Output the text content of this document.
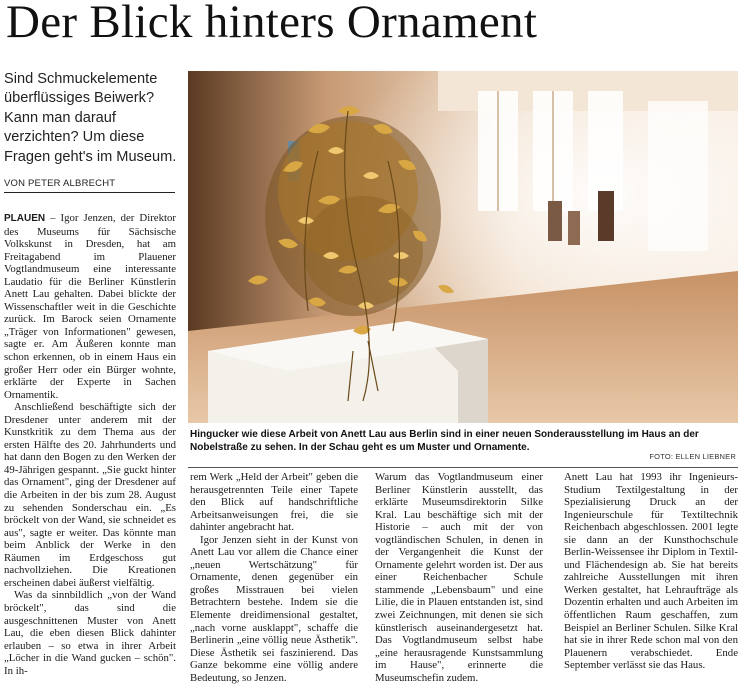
Der Blick hinters Ornament
Sind Schmuckelemente überflüssiges Beiwerk? Kann man darauf verzichten? Um diese Fragen geht's im Museum.
VON PETER ALBRECHT

PLAUEN – Igor Jenzen, der Direktor des Museums für Sächsische Volkskunst in Dresden, hat am Freitagabend im Plauener Vogtlandmuseum eine interessante Laudatio für die Berliner Künstlerin Anett Lau gehalten. Dabei blickte der Wissenschaftler weit in die Geschichte zurück. Im Barock seien Ornamente „Träger von Informationen" gewesen, sagte er. Am Äußeren konnte man schon erkennen, ob in einem Haus ein großer Herr oder ein Bürger wohnte, erklärte der Experte in Sachen Ornamentik.

Anschließend beschäftigte sich der Dresdener unter anderem mit der Kunstkritik zu dem Thema aus der ersten Hälfte des 20. Jahrhunderts und hat dann den Bogen zu den Werken der 49-Jährigen gespannt. „Sie guckt hinter das Ornament", ging der Dresdener auf die Arbeiten in der bis zum 28. August zu sehenden Sonderschau ein. „Es bröckelt von der Wand, sie schneidet es aus", sagte er weiter. Das könnte man beim Anblick der Werke in den Räumen im Erdgeschoss gut nachvollziehen. Die Kreationen erscheinen dabei äußerst vielfältig.

Was da sinnbildlich „von der Wand bröckelt", das sind die ausgeschnittenen Muster von Anett Lau, die eben diesen Blick dahinter erlauben – so etwa in ihrer Arbeit „Löcher in die Wand gucken – schön". In ih-

Hingucker wie diese Arbeit von Anett Lau aus Berlin sind in einer neuen Sonderausstellung im Haus an der Nobelstraße zu sehen. In der Schau geht es um Muster und Ornamente.
FOTO: ELLEN LIEBNER

rem Werk „Held der Arbeit" geben die herausgetrennten Teile einer Tapete den Blick auf handschriftliche Arbeitsanweisungen frei, die sie dahinter angebracht hat.

Igor Jenzen sieht in der Kunst von Anett Lau vor allem die Chance einer „neuen Wertschätzung" für Ornamente, denen gegenüber ein großes Misstrauen bei vielen Betrachtern bestehe. Indem sie die Elemente dreidimensional gestaltet, „nach vorne ausklappt", schaffe die Berlinerin „eine völlig neue Ästhetik". Diese Ästhetik sei faszinierend. Das Ganze bekomme eine völlig andere Bedeutung, so Jenzen.

Warum das Vogtlandmuseum einer Berliner Künstlerin ausstellt, das erklärte Museumsdirektorin Silke Kral. Lau beschäftige sich mit der Historie – auch mit der von vogtländischen Schulen, in denen in der Vergangenheit die Kunst der Ornamente gelehrt worden ist. Der aus einer Reichenbacher Schule stammende „Lebensbaum" und eine Lilie, die in Plauen entstanden ist, sind zwei Zeichnungen, mit denen sie sich künstlerisch auseinandergesetzt hat. Das Vogtlandmuseum selbst habe „eine herausragende Kunstsammlung im Hause", erinnerte die Museumschefin zudem.

Anett Lau hat 1993 ihr Ingenieurs-Studium Textilgestaltung in der Spezialisierung Druck an der Ingenieurschule für Textiltechnik Reichenbach abgeschlossen. 2001 legte sie dann an der Kunsthochschule Berlin-Weissensee ihr Diplom in Textil- und Flächendesign ab. Sie hat bereits zahlreiche Ausstellungen mit ihren Werken gestaltet, hat Lehraufträge als Dozentin erhalten und auch Arbeiten im öffentlichen Raum geschaffen, zum Beispiel an Berliner Schulen. Silke Kral hat sie in ihrer Rede schon mal von den Plauenern verabschiedet. Ende September verlässt sie das Haus.
